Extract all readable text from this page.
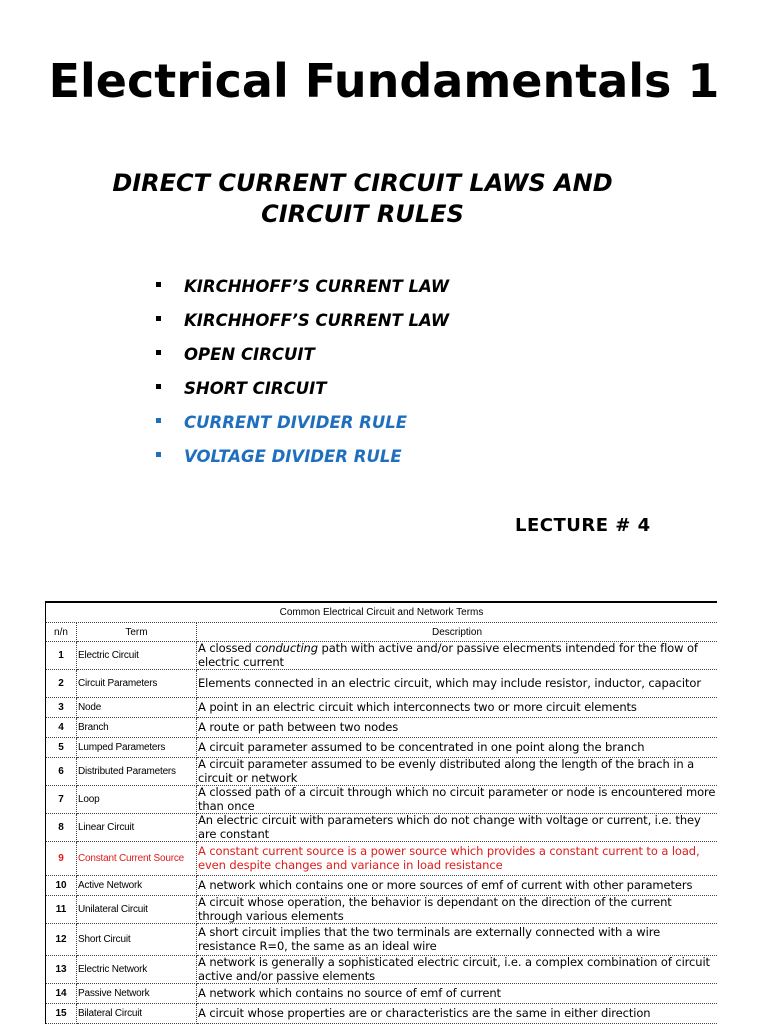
Electrical Fundamentals 1
DIRECT CURRENT CIRCUIT LAWS AND CIRCUIT RULES
KIRCHHOFF’S CURRENT LAW
KIRCHHOFF’S CURRENT LAW
OPEN CIRCUIT
SHORT CIRCUIT
CURRENT DIVIDER RULE
VOLTAGE DIVIDER RULE
LECTURE # 4
Common Electrical Circuit and Network Terms		
n/n	Term	Description
1	Electric Circuit	A clossed conducting path with active and/or passive elecments intended for the flow of electric current
2	Circuit Parameters	Elements connected in an electric circuit, which may include resistor, inductor, capacitor
3	Node	A point in an electric circuit which interconnects two or more circuit elements
4	Branch	A route or path between two nodes
5	Lumped Parameters	A circuit parameter assumed to be concentrated in one point along the branch
6	Distributed Parameters	A circuit parameter assumed to be evenly distributed along the length of the brach in a circuit or network
7	Loop	A clossed path of a circuit through which no circuit parameter or node is encountered more than once
8	Linear Circuit	An electric circuit with parameters which do not change with voltage or current, i.e. they are constant
9	Constant Current Source	A constant current source is a power source which provides a constant current to a load, even despite changes and variance in load resistance
10	Active Network	A network which contains one or more sources of emf of current with other parameters
11	Unilateral Circuit	A circuit whose operation, the behavior is dependant on the direction of the current through various elements
12	Short Circuit	A short circuit implies that the two terminals are externally connected with a wire resistance R=0, the same as an ideal wire
13	Electric Network	A network is generally a sophisticated electric circuit, i.e. a complex combination of circuit active and/or passive elements
14	Passive Network	A network which contains no source of emf of current
15	Bilateral Circuit	A circuit whose properties are or characteristics are the same in either direction
